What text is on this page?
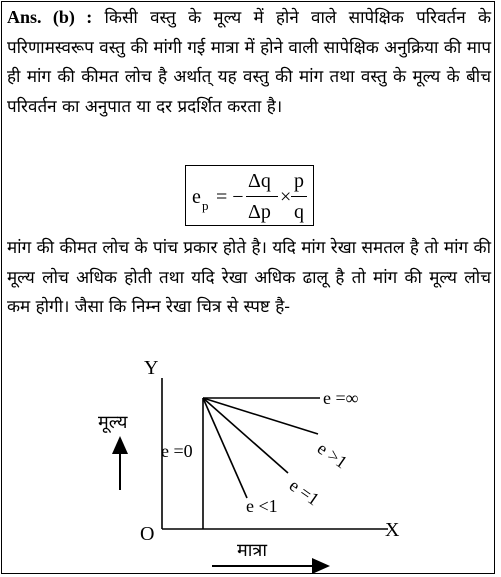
Ans. (b) : किसी वस्तु के मूल्य में होने वाले सापेक्षिक परिवर्तन के परिणामस्वरूप वस्तु की मांगी गई मात्रा में होने वाली सापेक्षिक अनुक्रिया की माप ही मांग की कीमत लोच है अर्थात् यह वस्तु की मांग तथा वस्तु के मूल्य के बीच परिवर्तन का अनुपात या दर प्रदर्शित करता है।

e p = −
Δq
Δp
×
p
q

मांग की कीमत लोच के पांच प्रकार होते है। यदि मांग रेखा समतल है तो मांग की मूल्य लोच अधिक होती तथा यदि रेखा अधिक ढालू है तो मांग की मूल्य लोच कम होगी। जैसा कि निम्न रेखा चित्र से स्पष्ट है-

Y
X
O
e =∞
e >1
e =1
e <1
e =0
मूल्य
मात्रा
